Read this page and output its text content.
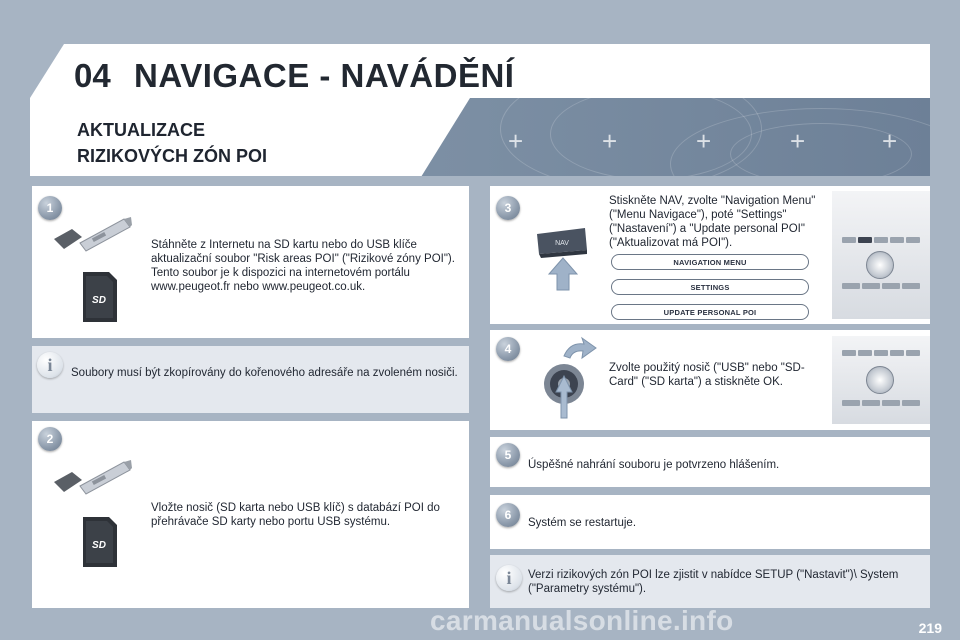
+	+	+	+	+
04 NAVIGACE - NAVÁDĚNÍ
AKTUALIZACE
RIZIKOVÝCH ZÓN POI
1
SD
Stáhněte z Internetu na SD kartu nebo do USB klíče aktualizační soubor "Risk areas POI" ("Rizikové zóny POI"). Tento soubor je k dispozici na internetovém portálu www.peugeot.fr nebo www.peugeot.co.uk.
i	Soubory musí být zkopírovány do kořenového adresáře na zvoleném nosiči.
2
SD
Vložte nosič (SD karta nebo USB klíč) s databází POI do přehrávače SD karty nebo portu USB systému.
3
NAV
Stiskněte NAV, zvolte "Navigation Menu" ("Menu Navigace"), poté "Settings" ("Nastavení") a "Update personal POI" ("Aktualizovat má POI").
NAVIGATION MENU
SETTINGS
UPDATE PERSONAL POI
4
Zvolte použitý nosič ("USB" nebo "SD-Card" ("SD karta") a stiskněte OK.
5
Úspěšné nahrání souboru je potvrzeno hlášením.
6
Systém se restartuje.
i	Verzi rizikových zón POI lze zjistit v nabídce SETUP ("Nastavit")\ System ("Parametry systému").
carmanualsonline.info	219
